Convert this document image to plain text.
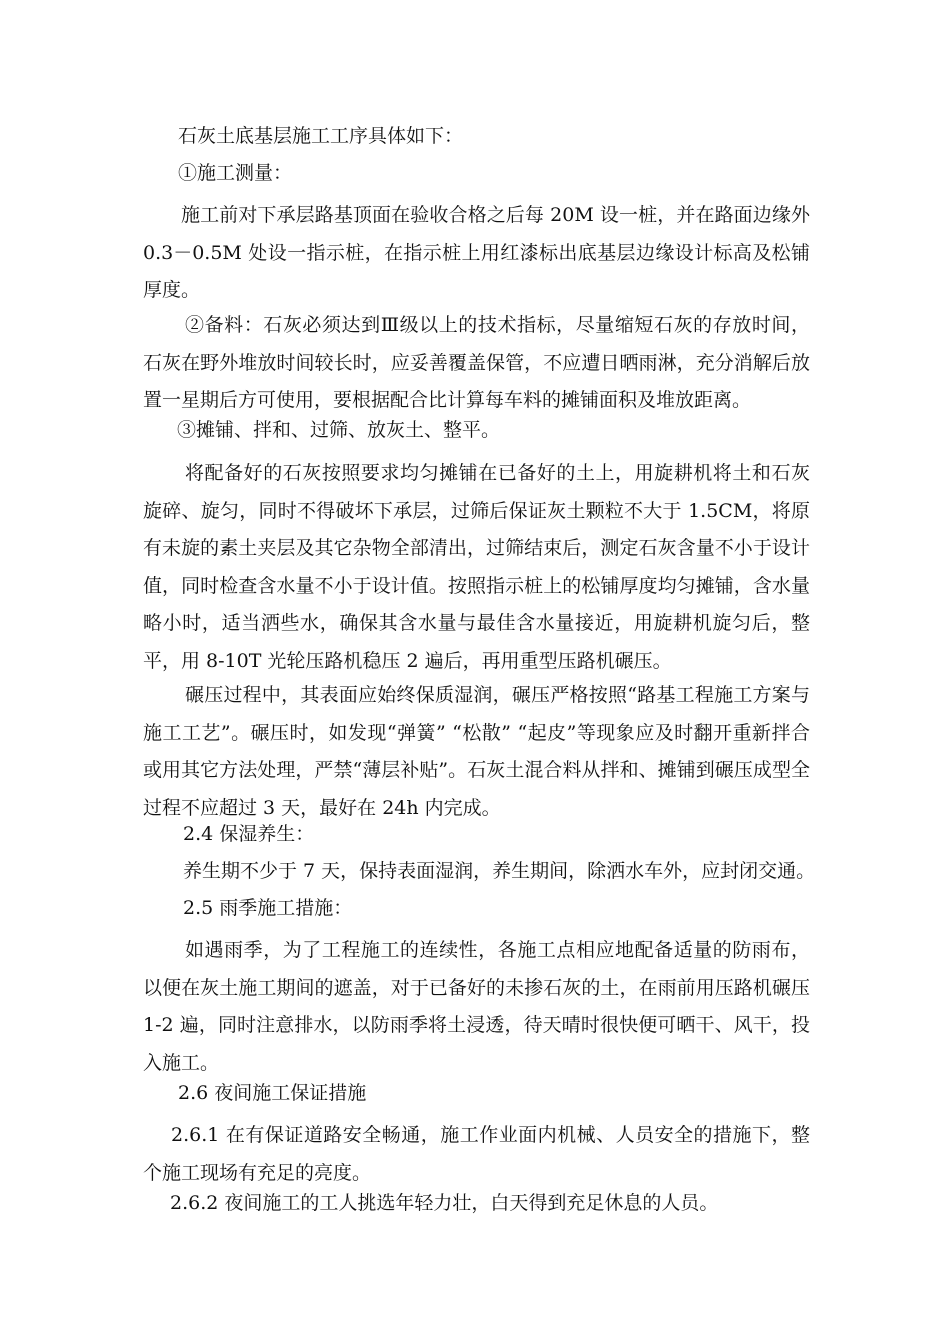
石灰土底基层施工工序具体如下：
①施工测量：

施工前对下承层路基顶面在验收合格之后每 20M 设一桩，并在路面边缘外 0.3－0.5M 处设一指示桩，在指示桩上用红漆标出底基层边缘设计标高及松铺厚度。

②备料：石灰必须达到Ⅲ级以上的技术指标，尽量缩短石灰的存放时间，石灰在野外堆放时间较长时，应妥善覆盖保管，不应遭日晒雨淋，充分消解后放置一星期后方可使用，要根据配合比计算每车料的摊铺面积及堆放距离。

③摊铺、拌和、过筛、放灰土、整平。

将配备好的石灰按照要求均匀摊铺在已备好的土上，用旋耕机将土和石灰旋碎、旋匀，同时不得破坏下承层，过筛后保证灰土颗粒不大于 1.5CM，将原有未旋的素土夹层及其它杂物全部清出，过筛结束后，测定石灰含量不小于设计值，同时检查含水量不小于设计值。按照指示桩上的松铺厚度均匀摊铺，含水量略小时，适当洒些水，确保其含水量与最佳含水量接近，用旋耕机旋匀后，整平，用 8-10T 光轮压路机稳压 2 遍后，再用重型压路机碾压。

碾压过程中，其表面应始终保质湿润，碾压严格按照“路基工程施工方案与施工工艺”。碾压时，如发现“弹簧” “松散” “起皮”等现象应及时翻开重新拌合或用其它方法处理，严禁“薄层补贴”。石灰土混合料从拌和、摊铺到碾压成型全过程不应超过 3 天，最好在 24h 内完成。

2.4 保湿养生：
养生期不少于 7 天，保持表面湿润，养生期间，除洒水车外，应封闭交通。
2.5 雨季施工措施：

如遇雨季，为了工程施工的连续性，各施工点相应地配备适量的防雨布，以便在灰土施工期间的遮盖，对于已备好的未掺石灰的土，在雨前用压路机碾压 1-2 遍，同时注意排水，以防雨季将土浸透，待天晴时很快便可晒干、风干，投入施工。

2.6 夜间施工保证措施

2.6.1 在有保证道路安全畅通，施工作业面内机械、人员安全的措施下，整个施工现场有充足的亮度。

2.6.2 夜间施工的工人挑选年轻力壮，白天得到充足休息的人员。
